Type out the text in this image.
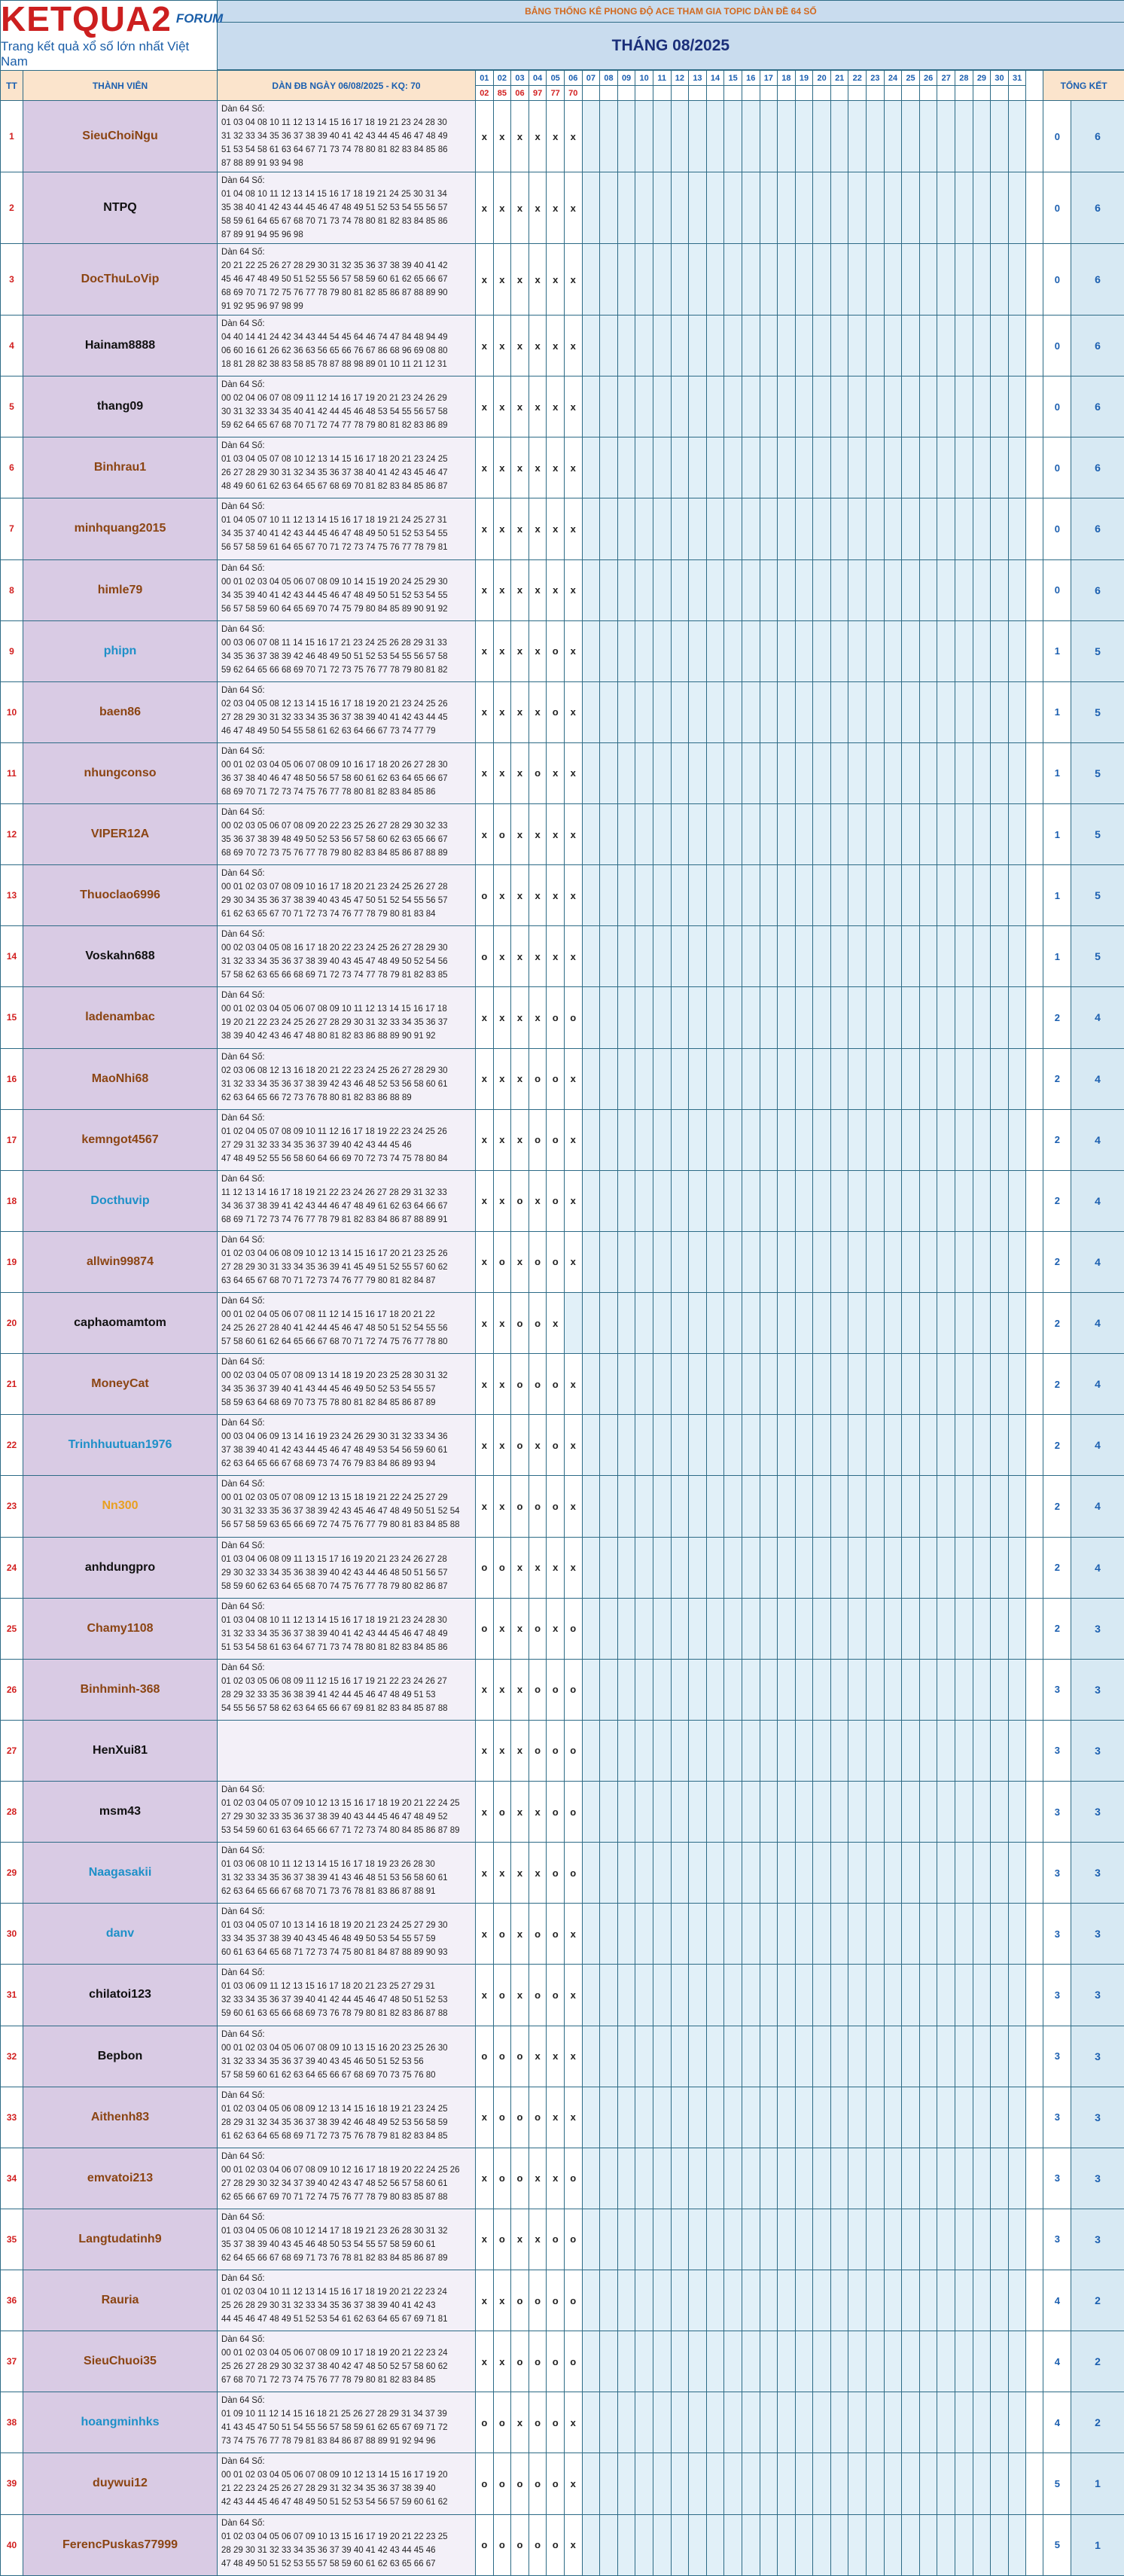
KETQUA2 $^{FORUM}$
Trang kết quả xổ số lớn nhất Việt Nam		BẢNG THỐNG KÊ PHONG ĐỘ ACE THAM GIA TOPIC DÀN ĐỀ 64 SỐ																																		
		THÁNG 08/2025																																		

TT	THÀNH VIÊN	DÀN ĐB NGÀY 06/08/2025 - KQ: 70	01	02	03	04	05	06	07	08	09	10	11	12	13	14	15	16	17	18	19	20	21	22	23	24	25	26	27	28	29	30	31		TỔNG KẾT	
			02	85	06	97	77	70																												
1	SieuChoiNgu	Dàn 64 Số:
01 03 04 08 10 11 12 13 14 15 16 17 18 19 21 23 24 28 30
31 32 33 34 35 36 37 38 39 40 41 42 43 44 45 46 47 48 49
51 53 54 58 61 63 64 67 71 73 74 78 80 81 82 83 84 85 86
87 88 89 91 93 94 98	x	x	x	x	x	x																											0	6
2	NTPQ	Dàn 64 Số:
01 04 08 10 11 12 13 14 15 16 17 18 19 21 24 25 30 31 34
35 38 40 41 42 43 44 45 46 47 48 49 51 52 53 54 55 56 57
58 59 61 64 65 67 68 70 71 73 74 78 80 81 82 83 84 85 86
87 89 91 94 95 96 98	x	x	x	x	x	x																											0	6
3	DocThuLoVip	Dàn 64 Số:
20 21 22 25 26 27 28 29 30 31 32 35 36 37 38 39 40 41 42
45 46 47 48 49 50 51 52 55 56 57 58 59 60 61 62 65 66 67
68 69 70 71 72 75 76 77 78 79 80 81 82 85 86 87 88 89 90
91 92 95 96 97 98 99	x	x	x	x	x	x																											0	6
4	Hainam8888	Dàn 64 Số:
04 40 14 41 24 42 34 43 44 54 45 64 46 74 47 84 48 94 49
06 60 16 61 26 62 36 63 56 65 66 76 67 86 68 96 69 08 80
18 81 28 82 38 83 58 85 78 87 88 98 89 01 10 11 21 12 31	x	x	x	x	x	x																											0	6
5	thang09	Dàn 64 Số:
00 02 04 06 07 08 09 11 12 14 16 17 19 20 21 23 24 26 29
30 31 32 33 34 35 40 41 42 44 45 46 48 53 54 55 56 57 58
59 62 64 65 67 68 70 71 72 74 77 78 79 80 81 82 83 86 89	x	x	x	x	x	x																											0	6
6	Binhrau1	Dàn 64 Số:
01 03 04 05 07 08 10 12 13 14 15 16 17 18 20 21 23 24 25
26 27 28 29 30 31 32 34 35 36 37 38 40 41 42 43 45 46 47
48 49 60 61 62 63 64 65 67 68 69 70 81 82 83 84 85 86 87	x	x	x	x	x	x																											0	6
7	minhquang2015	Dàn 64 Số:
01 04 05 07 10 11 12 13 14 15 16 17 18 19 21 24 25 27 31
34 35 37 40 41 42 43 44 45 46 47 48 49 50 51 52 53 54 55
56 57 58 59 61 64 65 67 70 71 72 73 74 75 76 77 78 79 81	x	x	x	x	x	x																											0	6
8	himle79	Dàn 64 Số:
00 01 02 03 04 05 06 07 08 09 10 14 15 19 20 24 25 29 30
34 35 39 40 41 42 43 44 45 46 47 48 49 50 51 52 53 54 55
56 57 58 59 60 64 65 69 70 74 75 79 80 84 85 89 90 91 92	x	x	x	x	x	x																											0	6
9	phipn	Dàn 64 Số:
00 03 06 07 08 11 14 15 16 17 21 23 24 25 26 28 29 31 33
34 35 36 37 38 39 42 46 48 49 50 51 52 53 54 55 56 57 58
59 62 64 65 66 68 69 70 71 72 73 75 76 77 78 79 80 81 82	x	x	x	x	o	x																											1	5
10	baen86	Dàn 64 Số:
02 03 04 05 08 12 13 14 15 16 17 18 19 20 21 23 24 25 26
27 28 29 30 31 32 33 34 35 36 37 38 39 40 41 42 43 44 45
46 47 48 49 50 54 55 58 61 62 63 64 66 67 73 74 77 79	x	x	x	x	o	x																											1	5
11	nhungconso	Dàn 64 Số:
00 01 02 03 04 05 06 07 08 09 10 16 17 18 20 26 27 28 30
36 37 38 40 46 47 48 50 56 57 58 60 61 62 63 64 65 66 67
68 69 70 71 72 73 74 75 76 77 78 80 81 82 83 84 85 86	x	x	x	o	x	x																											1	5
12	VIPER12A	Dàn 64 Số:
00 02 03 05 06 07 08 09 20 22 23 25 26 27 28 29 30 32 33
35 36 37 38 39 48 49 50 52 53 56 57 58 60 62 63 65 66 67
68 69 70 72 73 75 76 77 78 79 80 82 83 84 85 86 87 88 89	x	o	x	x	x	x																											1	5
13	Thuoclao6996	Dàn 64 Số:
00 01 02 03 07 08 09 10 16 17 18 20 21 23 24 25 26 27 28
29 30 34 35 36 37 38 39 40 43 45 47 50 51 52 54 55 56 57
61 62 63 65 67 70 71 72 73 74 76 77 78 79 80 81 83 84	o	x	x	x	x	x																											1	5
14	Voskahn688	Dàn 64 Số:
00 02 03 04 05 08 16 17 18 20 22 23 24 25 26 27 28 29 30
31 32 33 34 35 36 37 38 39 40 43 45 47 48 49 50 52 54 56
57 58 62 63 65 66 68 69 71 72 73 74 77 78 79 81 82 83 85	o	x	x	x	x	x																											1	5
15	ladenambac	Dàn 64 Số:
00 01 02 03 04 05 06 07 08 09 10 11 12 13 14 15 16 17 18
19 20 21 22 23 24 25 26 27 28 29 30 31 32 33 34 35 36 37
38 39 40 42 43 46 47 48 80 81 82 83 86 88 89 90 91 92	x	x	x	x	o	o																											2	4
16	MaoNhi68	Dàn 64 Số:
02 03 06 08 12 13 16 18 20 21 22 23 24 25 26 27 28 29 30
31 32 33 34 35 36 37 38 39 42 43 46 48 52 53 56 58 60 61
62 63 64 65 66 72 73 76 78 80 81 82 83 86 88 89	x	x	x	o	o	x																											2	4
17	kemngot4567	Dàn 64 Số:
01 02 04 05 07 08 09 10 11 12 16 17 18 19 22 23 24 25 26
27 29 31 32 33 34 35 36 37 39 40 42 43 44 45 46
47 48 49 52 55 56 58 60 64 66 69 70 72 73 74 75 78 80 84	x	x	x	o	o	x																											2	4
18	Docthuvip	Dàn 64 Số:
11 12 13 14 16 17 18 19 21 22 23 24 26 27 28 29 31 32 33
34 36 37 38 39 41 42 43 44 46 47 48 49 61 62 63 64 66 67
68 69 71 72 73 74 76 77 78 79 81 82 83 84 86 87 88 89 91	x	x	o	x	o	x																											2	4
19	allwin99874	Dàn 64 Số:
01 02 03 04 06 08 09 10 12 13 14 15 16 17 20 21 23 25 26
27 28 29 30 31 33 34 35 36 39 41 45 49 51 52 55 57 60 62
63 64 65 67 68 70 71 72 73 74 76 77 79 80 81 82 84 87	x	o	x	o	o	x																											2	4
20	caphaomamtom	Dàn 64 Số:
00 01 02 04 05 06 07 08 11 12 14 15 16 17 18 20 21 22
24 25 26 27 28 40 41 42 44 45 46 47 48 50 51 52 54 55 56
57 58 60 61 62 64 65 66 67 68 70 71 72 74 75 76 77 78 80	x	x	o	o	x																												2	4
21	MoneyCat	Dàn 64 Số:
00 02 03 04 05 07 08 09 13 14 18 19 20 23 25 28 30 31 32
34 35 36 37 39 40 41 43 44 45 46 49 50 52 53 54 55 57
58 59 63 64 68 69 70 73 75 78 80 81 82 84 85 86 87 89	x	x	o	o	o	x																											2	4
22	Trinhhuutuan1976	Dàn 64 Số:
00 03 04 06 09 13 14 16 19 23 24 26 29 30 31 32 33 34 36
37 38 39 40 41 42 43 44 45 46 47 48 49 53 54 56 59 60 61
62 63 64 65 66 67 68 69 73 74 76 79 83 84 86 89 93 94	x	x	o	x	o	x																											2	4
23	Nn300	Dàn 64 Số:
00 01 02 03 05 07 08 09 12 13 15 18 19 21 22 24 25 27 29
30 31 32 33 35 36 37 38 39 42 43 45 46 47 48 49 50 51 52 54
56 57 58 59 63 65 66 69 72 74 75 76 77 79 80 81 83 84 85 88	x	x	o	o	o	x																											2	4
24	anhdungpro	Dàn 64 Số:
01 03 04 06 08 09 11 13 15 17 16 19 20 21 23 24 26 27 28
29 30 32 33 34 35 36 38 39 40 42 43 44 46 48 50 51 56 57
58 59 60 62 63 64 65 68 70 74 75 76 77 78 79 80 82 86 87	o	o	x	x	x	x																											2	4
25	Chamy1108	Dàn 64 Số:
01 03 04 08 10 11 12 13 14 15 16 17 18 19 21 23 24 28 30
31 32 33 34 35 36 37 38 39 40 41 42 43 44 45 46 47 48 49
51 53 54 58 61 63 64 67 71 73 74 78 80 81 82 83 84 85 86	o	x	x	o	x	o																											2	3
26	Binhminh-368	Dàn 64 Số:
01 02 03 05 06 08 09 11 12 15 16 17 19 21 22 23 24 26 27
28 29 32 33 35 36 38 39 41 42 44 45 46 47 48 49 51 53
54 55 56 57 58 62 63 64 65 66 67 69 81 82 83 84 85 87 88	x	x	x	o	o	o																											3	3
27	HenXui81		x	x	x	o	o	o																											3	3
28	msm43	Dàn 64 Số:
01 02 03 04 05 07 09 10 12 13 15 16 17 18 19 20 21 22 24 25
27 29 30 32 33 35 36 37 38 39 40 43 44 45 46 47 48 49 52
53 54 59 60 61 63 64 65 66 67 71 72 73 74 80 84 85 86 87 89	x	o	x	x	o	o																											3	3
29	Naagasakii	Dàn 64 Số:
01 03 06 08 10 11 12 13 14 15 16 17 18 19 23 26 28 30
31 32 33 34 35 36 37 38 39 41 43 46 48 51 53 56 58 60 61
62 63 64 65 66 67 68 70 71 73 76 78 81 83 86 87 88 91	x	x	x	x	o	o																											3	3
30	danv	Dàn 64 Số:
01 03 04 05 07 10 13 14 16 18 19 20 21 23 24 25 27 29 30
33 34 35 37 38 39 40 43 45 46 48 49 50 53 54 55 57 59
60 61 63 64 65 68 71 72 73 74 75 80 81 84 87 88 89 90 93	x	o	x	o	o	x																											3	3
31	chilatoi123	Dàn 64 Số:
01 03 06 09 11 12 13 15 16 17 18 20 21 23 25 27 29 31
32 33 34 35 36 37 39 40 41 42 44 45 46 47 48 50 51 52 53
59 60 61 63 65 66 68 69 73 76 78 79 80 81 82 83 86 87 88	x	o	x	o	o	x																											3	3
32	Bepbon	Dàn 64 Số:
00 01 02 03 04 05 06 07 08 09 10 13 15 16 20 23 25 26 30
31 32 33 34 35 36 37 39 40 43 45 46 50 51 52 53 56
57 58 59 60 61 62 63 64 65 66 67 68 69 70 73 75 76 80	o	o	o	x	x	x																											3	3
33	Aithenh83	Dàn 64 Số:
01 02 03 04 05 06 08 09 12 13 14 15 16 18 19 21 23 24 25
28 29 31 32 34 35 36 37 38 39 42 46 48 49 52 53 56 58 59
61 62 63 64 65 68 69 71 72 73 75 76 78 79 81 82 83 84 85	x	o	o	o	x	x																											3	3
34	emvatoi213	Dàn 64 Số:
00 01 02 03 04 06 07 08 09 10 12 16 17 18 19 20 22 24 25 26
27 28 29 30 32 34 37 39 40 42 43 47 48 52 56 57 58 60 61
62 65 66 67 69 70 71 72 74 75 76 77 78 79 80 83 85 87 88	x	o	o	x	x	o																											3	3
35	Langtudatinh9	Dàn 64 Số:
01 03 04 05 06 08 10 12 14 17 18 19 21 23 26 28 30 31 32
35 37 38 39 40 43 45 46 48 50 53 54 55 57 58 59 60 61
62 64 65 66 67 68 69 71 73 76 78 81 82 83 84 85 86 87 89	x	o	x	x	o	o																											3	3
36	Rauria	Dàn 64 Số:
01 02 03 04 10 11 12 13 14 15 16 17 18 19 20 21 22 23 24
25 26 28 29 30 31 32 33 34 35 36 37 38 39 40 41 42 43
44 45 46 47 48 49 51 52 53 54 61 62 63 64 65 67 69 71 81	x	x	o	o	o	o																											4	2
37	SieuChuoi35	Dàn 64 Số:
00 01 02 03 04 05 06 07 08 09 10 17 18 19 20 21 22 23 24
25 26 27 28 29 30 32 37 38 40 42 47 48 50 52 57 58 60 62
67 68 70 71 72 73 74 75 76 77 78 79 80 81 82 83 84 85	x	x	o	o	o	o																											4	2
38	hoangminhks	Dàn 64 Số:
01 09 10 11 12 14 15 16 18 21 25 26 27 28 29 31 34 37 39
41 43 45 47 50 51 54 55 56 57 58 59 61 62 65 67 69 71 72
73 74 75 76 77 78 79 81 83 84 86 87 88 89 91 92 94 96	o	o	x	o	o	x																											4	2
39	duywui12	Dàn 64 Số:
00 01 02 03 04 05 06 07 08 09 10 12 13 14 15 16 17 19 20
21 22 23 24 25 26 27 28 29 31 32 34 35 36 37 38 39 40
42 43 44 45 46 47 48 49 50 51 52 53 54 56 57 59 60 61 62	o	o	o	o	o	х																											5	1
40	FerencPuskas77999	Dàn 64 Số:
01 02 03 04 05 06 07 09 10 13 15 16 17 19 20 21 22 23 25
28 29 30 31 32 33 34 35 36 37 39 40 41 42 43 44 45 46
47 48 49 50 51 52 53 55 57 58 59 60 61 62 63 65 66 67	o	o	o	o	o	x																											5	1
